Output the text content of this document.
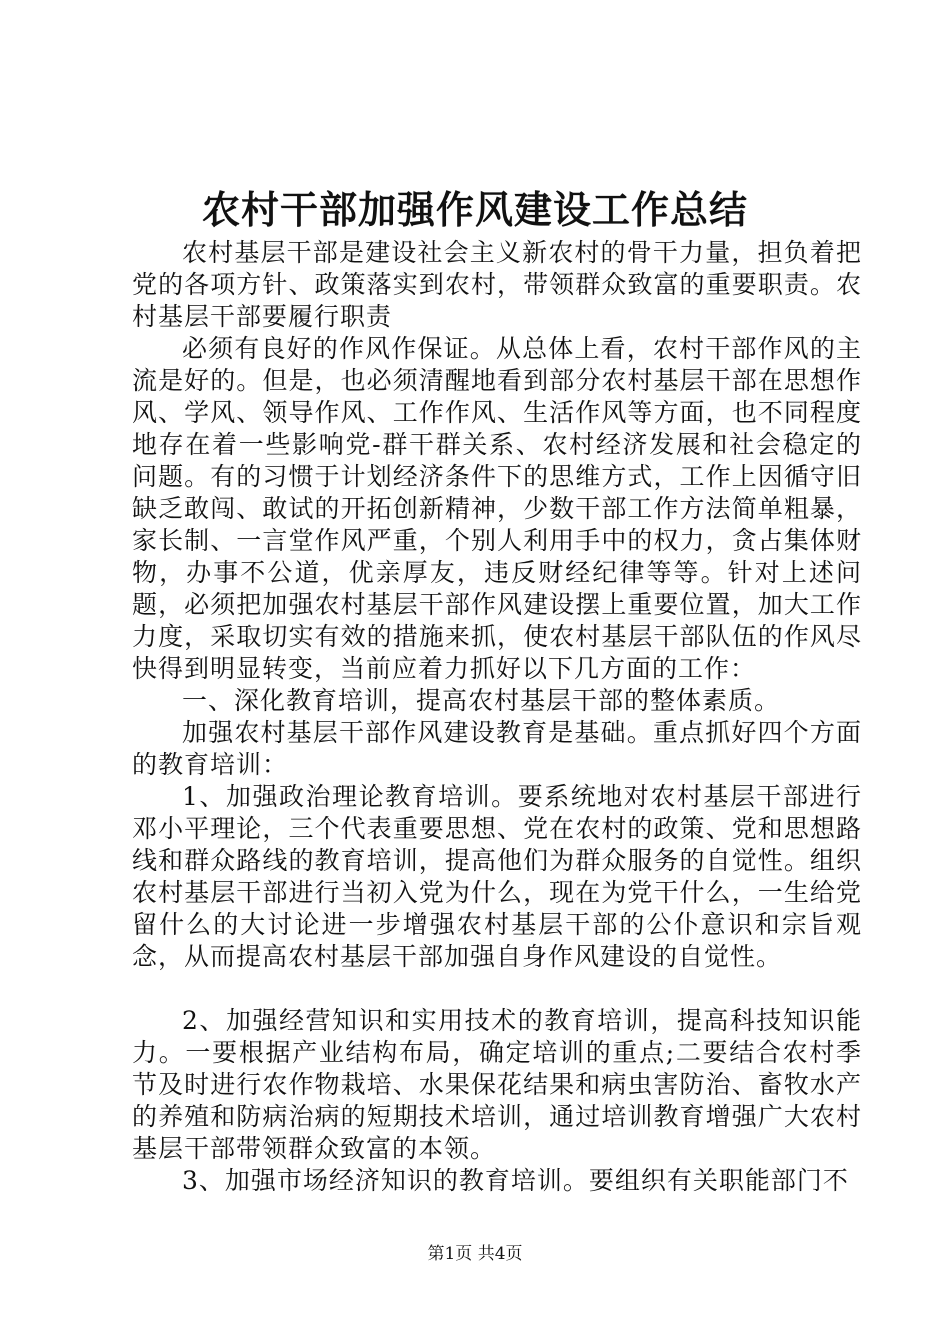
农村干部加强作风建设工作总结

农村基层干部是建设社会主义新农村的骨干力量，担负着把党的各项方针、政策落实到农村，带领群众致富的重要职责。农村基层干部要履行职责

必须有良好的作风作保证。从总体上看，农村干部作风的主流是好的。但是，也必须清醒地看到部分农村基层干部在思想作风、学风、领导作风、工作作风、生活作风等方面，也不同程度地存在着一些影响党-群干群关系、农村经济发展和社会稳定的问题。有的习惯于计划经济条件下的思维方式，工作上因循守旧缺乏敢闯、敢试的开拓创新精神，少数干部工作方法简单粗暴，家长制、一言堂作风严重，个别人利用手中的权力，贪占集体财物，办事不公道，优亲厚友，违反财经纪律等等。针对上述问题，必须把加强农村基层干部作风建设摆上重要位置，加大工作力度，采取切实有效的措施来抓，使农村基层干部队伍的作风尽快得到明显转变，当前应着力抓好以下几方面的工作：

一、深化教育培训，提高农村基层干部的整体素质。

加强农村基层干部作风建设教育是基础。重点抓好四个方面的教育培训：

1、加强政治理论教育培训。要系统地对农村基层干部进行邓小平理论，三个代表重要思想、党在农村的政策、党和思想路线和群众路线的教育培训，提高他们为群众服务的自觉性。组织农村基层干部进行当初入党为什么，现在为党干什么，一生给党留什么的大讨论进一步增强农村基层干部的公仆意识和宗旨观念，从而提高农村基层干部加强自身作风建设的自觉性。

2、加强经营知识和实用技术的教育培训，提高科技知识能力。一要根据产业结构布局，确定培训的重点;二要结合农村季节及时进行农作物栽培、水果保花结果和病虫害防治、畜牧水产的养殖和防病治病的短期技术培训，通过培训教育增强广大农村基层干部带领群众致富的本领。

3、加强市场经济知识的教育培训。要组织有关职能部门不

第1页 共4页
